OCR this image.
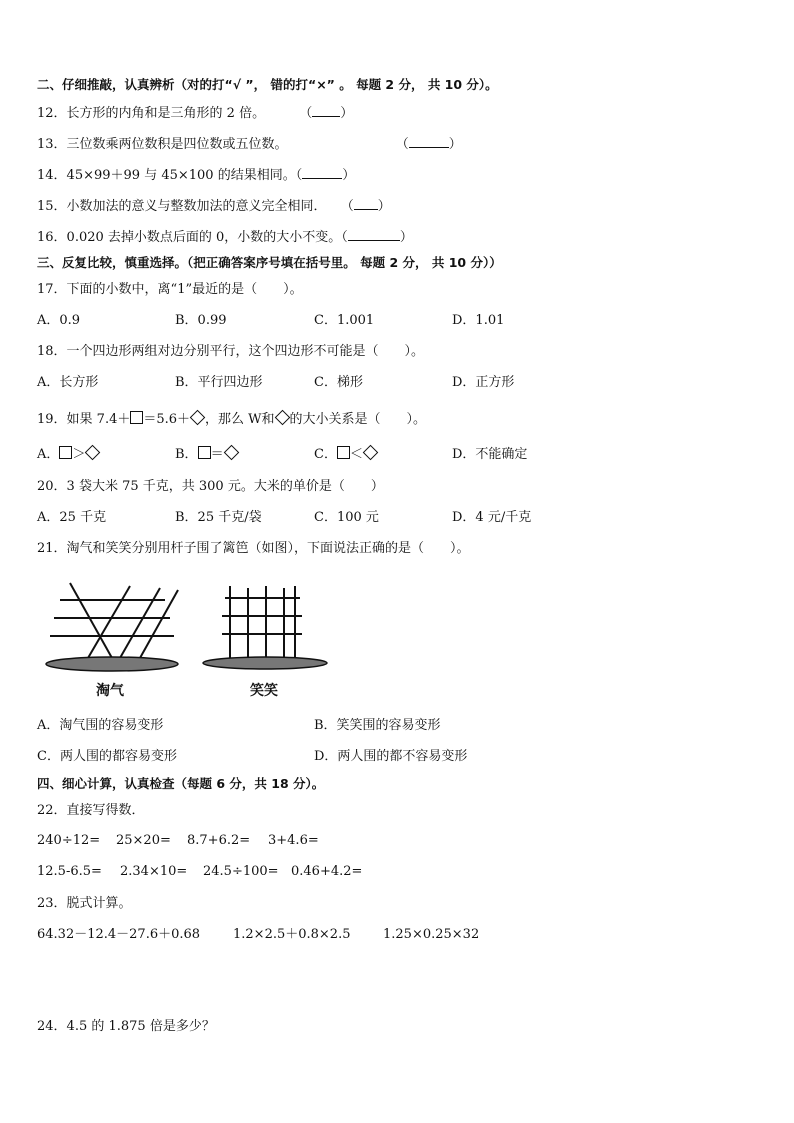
二、仔细推敲，认真辨析（对的打“√ ”， 错的打“×” 。 每题 2 分， 共 10 分）。
12．长方形的内角和是三角形的 2 倍。	（ ）
13．三位数乘两位数积是四位数或五位数。	（	）
14．45×99＋99 与 45×100 的结果相同。（	）
15．小数加法的意义与整数加法的意义完全相同． （ ）
16．0.020 去掉小数点后面的 0，小数的大小不变。（	）
三、反复比较，慎重选择。（把正确答案序号填在括号里。 每题 2 分， 共 10 分））
17．下面的小数中，离“1”最近的是（　　）。
A．0.9	B．0.99	C．1.001	D．1.01
18．一个四边形两组对边分别平行，这个四边形不可能是（　　）。
A．长方形	B．平行四边形	C．梯形	D．正方形
19．如果 7.4＋ ＝5.6＋ ，那么 W和 的大小关系是（　　）。
A． ＞	B． ＝	C． ＜	D．不能确定
20．3 袋大米 75 千克，共 300 元。大米的单价是（　　）
A．25 千克	B．25 千克/袋	C．100 元	D．4 元/千克
21．淘气和笑笑分别用杆子围了篱笆（如图），下面说法正确的是（　　）。
淘气	笑笑
A．淘气围的容易变形	B．笑笑围的容易变形
C．两人围的都容易变形	D．两人围的都不容易变形
四、细心计算，认真检查（每题 6 分，共 18 分）。
22．直接写得数．
240÷12= 25×20= 8.7+6.2= 3+4.6=
12.5-6.5= 2.34×10= 24.5÷100= 0.46+4.2=
23．脱式计算。
64.32－12.4－27.6＋0.68	1.2×2.5＋0.8×2.5	1.25×0.25×32
24．4.5 的 1.875 倍是多少？
